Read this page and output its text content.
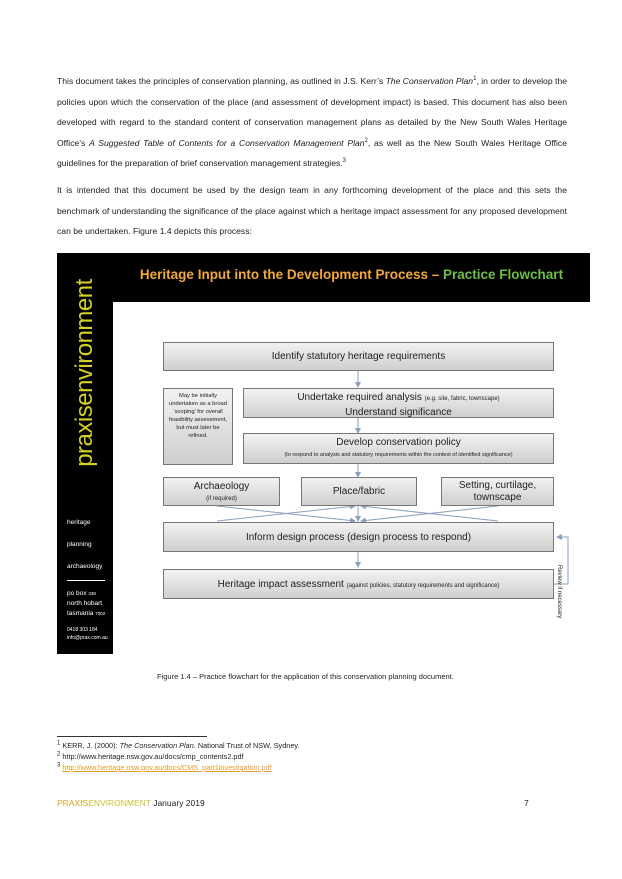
This document takes the principles of conservation planning, as outlined in J.S. Kerr’s The Conservation Plan$^1$, in order to develop the policies upon which the conservation of the place (and assessment of development impact) is based. This document has also been developed with regard to the standard content of conservation management plans as detailed by the New South Wales Heritage Office’s A Suggested Table of Contents for a Conservation Management Plan$^2$, as well as the New South Wales Heritage Office guidelines for the preparation of brief conservation management strategies.$^3$
It is intended that this document be used by the design team in any forthcoming development of the place and this sets the benchmark of understanding the significance of the place against which a heritage impact assessment for any proposed development can be undertaken. Figure 1.4 depicts this process:
praxisenvironment
heritage
planning
archaeology
po box 338
north hobart
tasmania 7002
0418 303 184
info@prax.com.au
Heritage Input into the Development Process – Practice Flowchart
Identify statutory heritage requirements
May be initially undertaken as a broad ‘scoping’ for overall feasibility assessment, but must later be refined.
Undertake required analysis (e.g. site, fabric, townscape)
Understand significance
Develop conservation policy
(to respond to analysis and statutory requirements within the context of identified significance)
Archaeology
(if required)
Place/fabric
Setting, curtilage, townscape
Inform design process (design process to respond)
Heritage impact assessment (against policies, statutory requirements and significance)	Review if necessary
Figure 1.4 – Practice flowchart for the application of this conservation planning document.
$^1$ KERR, J. (2000): The Conservation Plan. National Trust of NSW, Sydney.
$^2$ http://www.heritage.nsw.gov.au/docs/cmp_contents2.pdf
$^3$ http://www.heritage.nsw.gov.au/docs/CMS_part1investigation.pdf
PRAXISENVIRONMENT January 2019	7
